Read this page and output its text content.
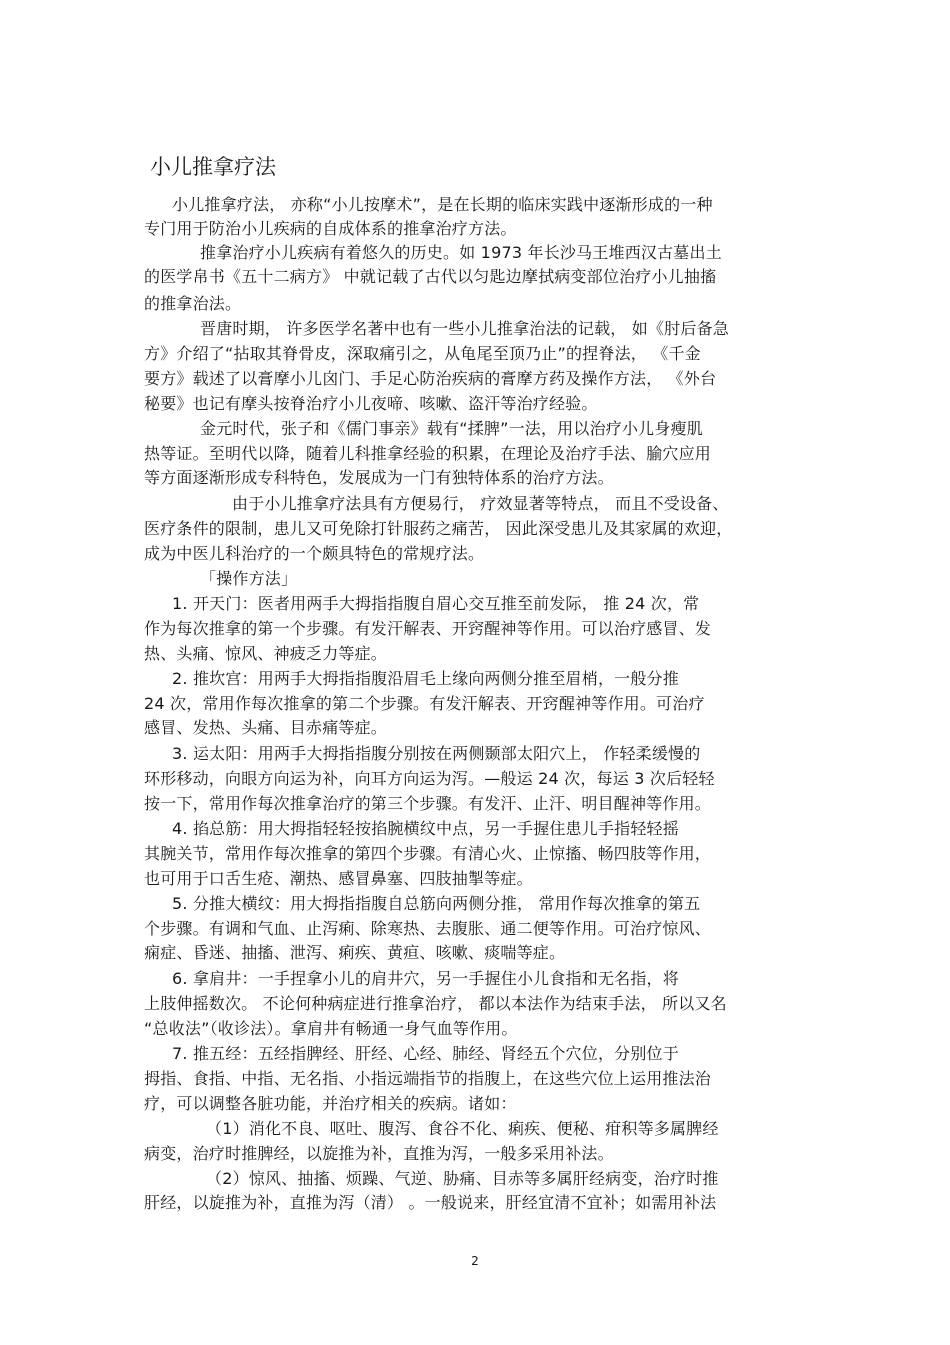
小儿推拿疗法
小儿推拿疗法， 亦称“小儿按摩术”，是在长期的临床实践中逐渐形成的一种
专门用于防治小儿疾病的自成体系的推拿治疗方法。
推拿治疗小儿疾病有着悠久的历史。如 1973 年长沙马王堆西汉古墓出土
的医学帛书《五十二病方》 中就记载了古代以匀匙边摩拭病变部位治疗小儿抽搐
的推拿治法。
晋唐时期， 许多医学名著中也有一些小儿推拿治法的记载， 如《肘后备急
方》介绍了“拈取其脊骨皮，深取痛引之，从龟尾至顶乃止”的捏脊法， 《千金
要方》载述了以膏摩小儿囟门、手足心防治疾病的膏摩方药及操作方法， 《外台
秘要》也记有摩头按脊治疗小儿夜啼、咳嗽、盗汗等治疗经验。
金元时代，张子和《儒门事亲》载有“揉脾”一法，用以治疗小儿身瘦肌
热等证。至明代以降，随着儿科推拿经验的积累，在理论及治疗手法、腧穴应用
等方面逐渐形成专科特色，发展成为一门有独特体系的治疗方法。
由于小儿推拿疗法具有方便易行， 疗效显著等特点， 而且不受设备、
医疗条件的限制，患儿又可免除打针服药之痛苦， 因此深受患儿及其家属的欢迎，
成为中医儿科治疗的一个颇具特色的常规疗法。
「操作方法」
1. 开天门：医者用两手大拇指指腹自眉心交互推至前发际， 推 24 次，常
作为每次推拿的第一个步骤。有发汗解表、开窍醒神等作用。可以治疗感冒、发
热、头痛、惊风、神疲乏力等症。
2. 推坎宫：用两手大拇指指腹沿眉毛上缘向两侧分推至眉梢，一般分推
24 次，常用作每次推拿的第二个步骤。有发汗解表、开窍醒神等作用。可治疗
感冒、发热、头痛、目赤痛等症。
3. 运太阳：用两手大拇指指腹分别按在两侧颞部太阳穴上， 作轻柔缓慢的
环形移动，向眼方向运为补，向耳方向运为泻。—般运 24 次，每运 3 次后轻轻
按一下，常用作每次推拿治疗的第三个步骤。有发汗、止汗、明目醒神等作用。
4. 掐总筋：用大拇指轻轻按掐腕横纹中点，另一手握住患儿手指轻轻摇
其腕关节，常用作每次推拿的第四个步骤。有清心火、止惊搐、畅四肢等作用，
也可用于口舌生疮、潮热、感冒鼻塞、四肢抽掣等症。
5. 分推大横纹：用大拇指指腹自总筋向两侧分推， 常用作每次推拿的第五
个步骤。有调和气血、止泻痢、除寒热、去腹胀、通二便等作用。可治疗惊风、
痫症、昏迷、抽搐、泄泻、痢疾、黄疸、咳嗽、痰喘等症。
6. 拿肩井：一手捏拿小儿的肩井穴，另一手握住小儿食指和无名指，将
上肢伸摇数次。 不论何种病症进行推拿治疗， 都以本法作为结束手法， 所以又名
“总收法”（收诊法）。拿肩井有畅通一身气血等作用。
7. 推五经：五经指脾经、肝经、心经、肺经、肾经五个穴位，分别位于
拇指、食指、中指、无名指、小指远端指节的指腹上，在这些穴位上运用推法治
疗，可以调整各脏功能，并治疗相关的疾病。诸如：
（1）消化不良、呕吐、腹泻、食谷不化、痢疾、便秘、疳积等多属脾经
病变，治疗时推脾经，以旋推为补，直推为泻，一般多采用补法。
（2）惊风、抽搐、烦躁、气逆、胁痛、目赤等多属肝经病变，治疗时推
肝经，以旋推为补，直推为泻（清） 。一般说来，肝经宜清不宜补；如需用补法
2
